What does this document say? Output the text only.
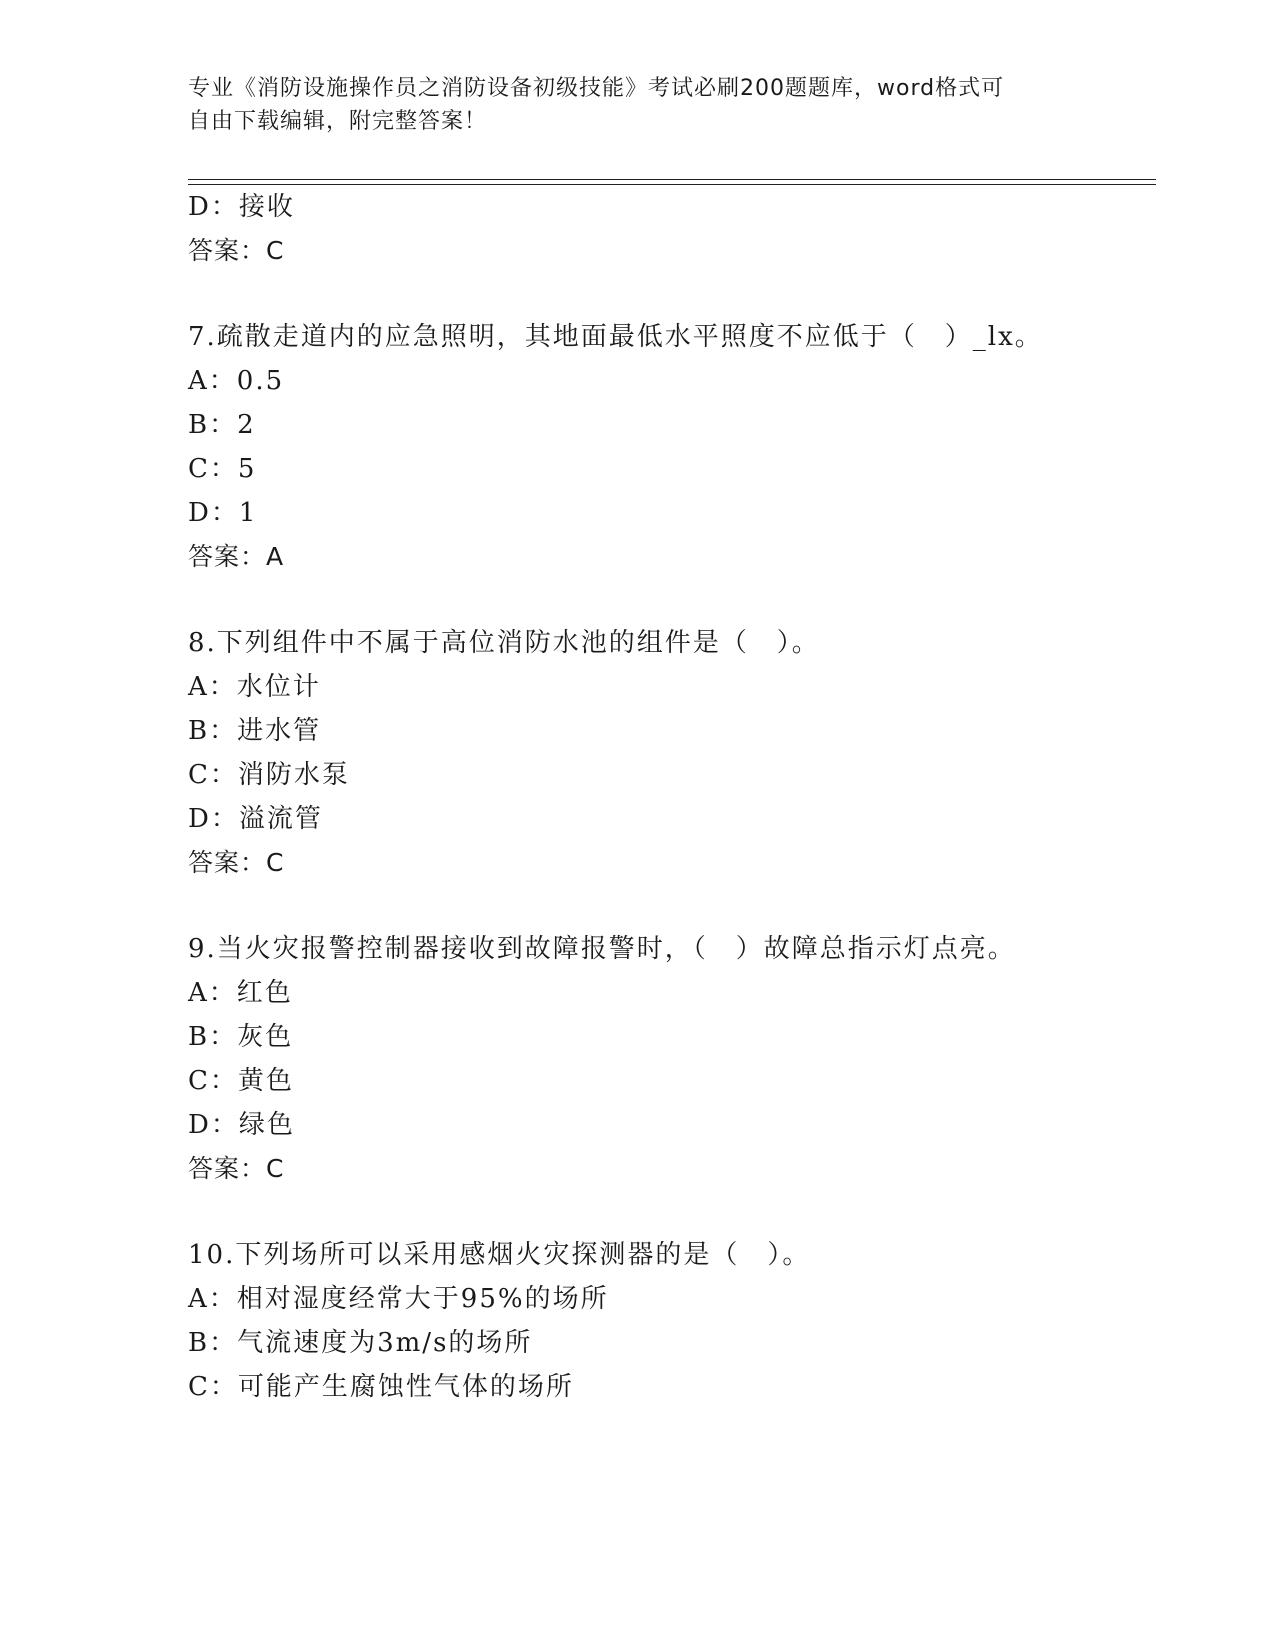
专业《消防设施操作员之消防设备初级技能》考试必刷200题题库，word格式可
自由下载编辑，附完整答案！
D：接收
答案：C
7.疏散走道内的应急照明，其地面最低水平照度不应低于（　）_lx。
A：0.5
B：2
C：5
D：1
答案：A
8.下列组件中不属于高位消防水池的组件是（　）。
A：水位计
B：进水管
C：消防水泵
D：溢流管
答案：C
9.当火灾报警控制器接收到故障报警时，（　）故障总指示灯点亮。
A：红色
B：灰色
C：黄色
D：绿色
答案：C
10.下列场所可以采用感烟火灾探测器的是（　）。
A：相对湿度经常大于95%的场所
B：气流速度为3m/s的场所
C：可能产生腐蚀性气体的场所
